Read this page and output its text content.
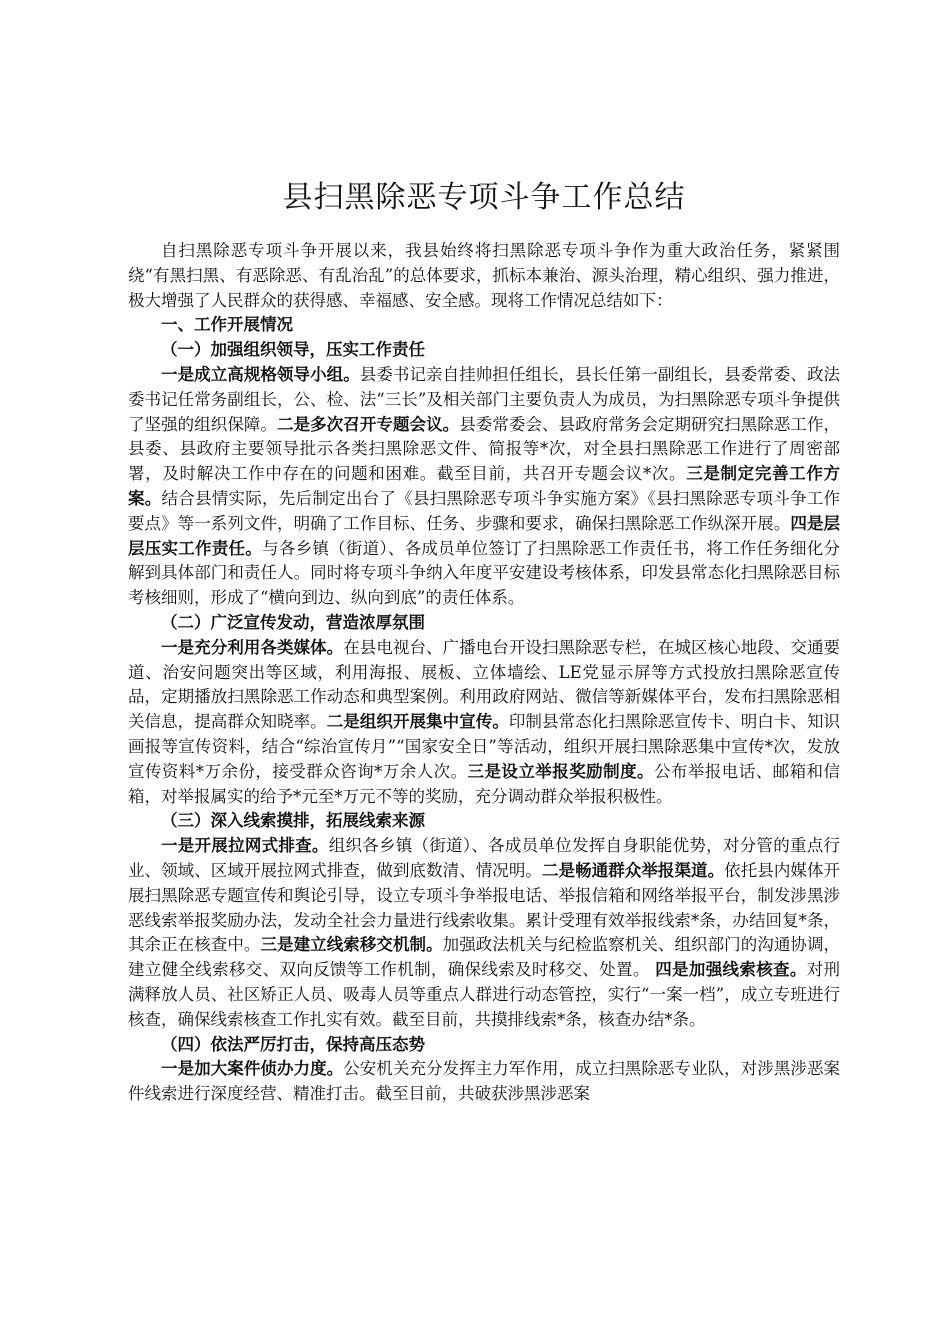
县扫黑除恶专项斗争工作总结

自扫黑除恶专项斗争开展以来，我县始终将扫黑除恶专项斗争作为重大政治任务，紧紧围绕“有黑扫黑、有恶除恶、有乱治乱”的总体要求，抓标本兼治、源头治理，精心组织、强力推进，极大增强了人民群众的获得感、幸福感、安全感。现将工作情况总结如下：

一、工作开展情况

（一）加强组织领导，压实工作责任

一是成立高规格领导小组。县委书记亲自挂帅担任组长，县长任第一副组长，县委常委、政法委书记任常务副组长，公、检、法“三长”及相关部门主要负责人为成员，为扫黑除恶专项斗争提供了坚强的组织保障。二是多次召开专题会议。县委常委会、县政府常务会定期研究扫黑除恶工作，县委、县政府主要领导批示各类扫黑除恶文件、简报等*次，对全县扫黑除恶工作进行了周密部署，及时解决工作中存在的问题和困难。截至目前，共召开专题会议*次。三是制定完善工作方案。结合县情实际，先后制定出台了《县扫黑除恶专项斗争实施方案》《县扫黑除恶专项斗争工作要点》等一系列文件，明确了工作目标、任务、步骤和要求，确保扫黑除恶工作纵深开展。四是层层压实工作责任。与各乡镇（街道）、各成员单位签订了扫黑除恶工作责任书，将工作任务细化分解到具体部门和责任人。同时将专项斗争纳入年度平安建设考核体系，印发县常态化扫黑除恶目标考核细则，形成了“横向到边、纵向到底”的责任体系。

（二）广泛宣传发动，营造浓厚氛围

一是充分利用各类媒体。在县电视台、广播电台开设扫黑除恶专栏，在城区核心地段、交通要道、治安问题突出等区域，利用海报、展板、立体墙绘、LE党显示屏等方式投放扫黑除恶宣传品，定期播放扫黑除恶工作动态和典型案例。利用政府网站、微信等新媒体平台，发布扫黑除恶相关信息，提高群众知晓率。二是组织开展集中宣传。印制县常态化扫黑除恶宣传卡、明白卡、知识画报等宣传资料，结合“综治宣传月”“国家安全日”等活动，组织开展扫黑除恶集中宣传*次，发放宣传资料*万余份，接受群众咨询*万余人次。三是设立举报奖励制度。公布举报电话、邮箱和信箱，对举报属实的给予*元至*万元不等的奖励，充分调动群众举报积极性。

（三）深入线索摸排，拓展线索来源

一是开展拉网式排查。组织各乡镇（街道）、各成员单位发挥自身职能优势，对分管的重点行业、领域、区域开展拉网式排查，做到底数清、情况明。二是畅通群众举报渠道。依托县内媒体开展扫黑除恶专题宣传和舆论引导，设立专项斗争举报电话、举报信箱和网络举报平台，制发涉黑涉恶线索举报奖励办法，发动全社会力量进行线索收集。累计受理有效举报线索*条，办结回复*条，其余正在核查中。三是建立线索移交机制。加强政法机关与纪检监察机关、组织部门的沟通协调，建立健全线索移交、双向反馈等工作机制，确保线索及时移交、处置。 四是加强线索核查。对刑满释放人员、社区矫正人员、吸毒人员等重点人群进行动态管控，实行“一案一档”，成立专班进行核查，确保线索核查工作扎实有效。截至目前，共摸排线索*条，核查办结*条。

（四）依法严厉打击，保持高压态势

一是加大案件侦办力度。公安机关充分发挥主力军作用，成立扫黑除恶专业队，对涉黑涉恶案件线索进行深度经营、精准打击。截至目前，共破获涉黑涉恶案
